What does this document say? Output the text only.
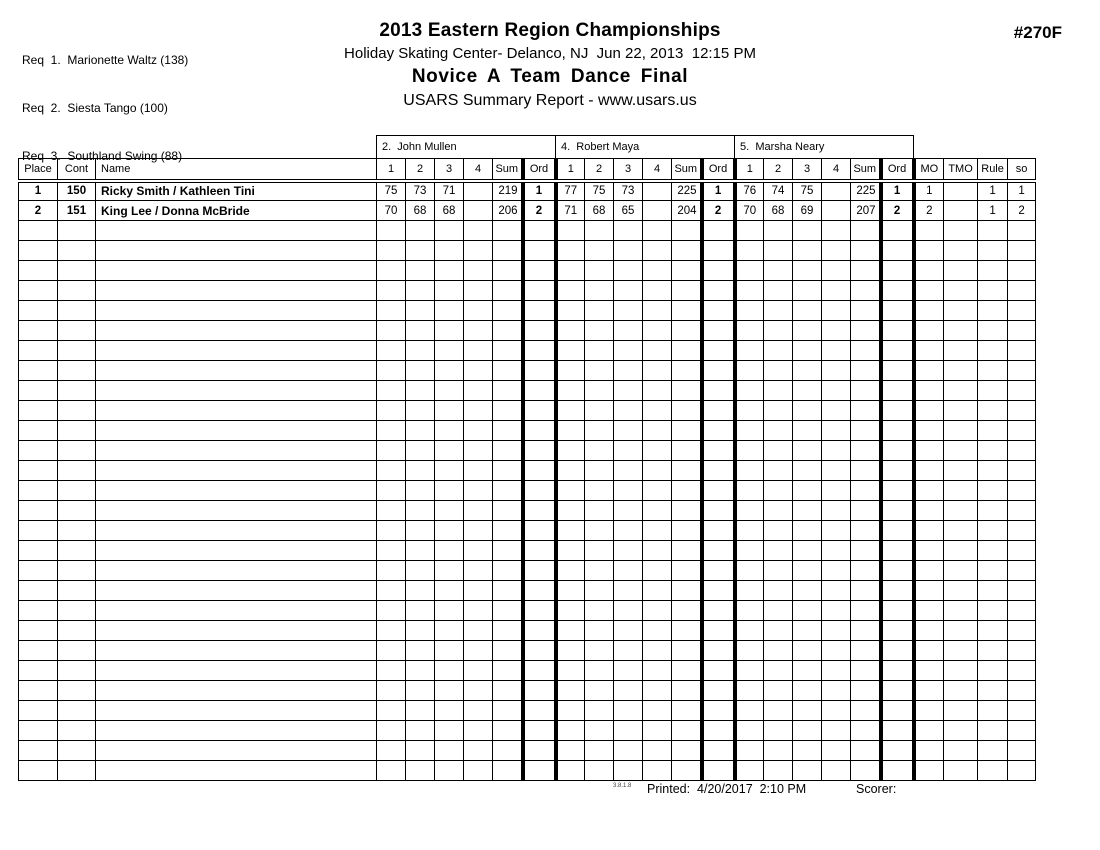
Req  1.  Marionette Waltz (138)

Req  2.  Siesta Tango (100)

Req  3.  Southland Swing (88)

2013 Eastern Region Championships
Holiday Skating Center- Delanco, NJ  Jun 22, 2013  12:15 PM
Novice A Team Dance Final
USARS Summary Report - www.usars.us
#270F
			2.  John Mullen						4.  Robert Maya						5.  Marsha Neary									
Place	Cont	Name	1	2	3	4	Sum	Ord	1	2	3	4	Sum	Ord	1	2	3	4	Sum	Ord	MO	TMO	Rule	so
1	150	Ricky Smith / Kathleen Tini	75	73	71		219	1	77	75	73		225	1	76	74	75		225	1	1		1	1
2	151	King Lee / Donna McBride	70	68	68		206	2	71	68	65		204	2	70	68	69		207	2	2		1	2

3.8.1.8 Printed: 4/20/2017  2:10 PM	Scorer:
